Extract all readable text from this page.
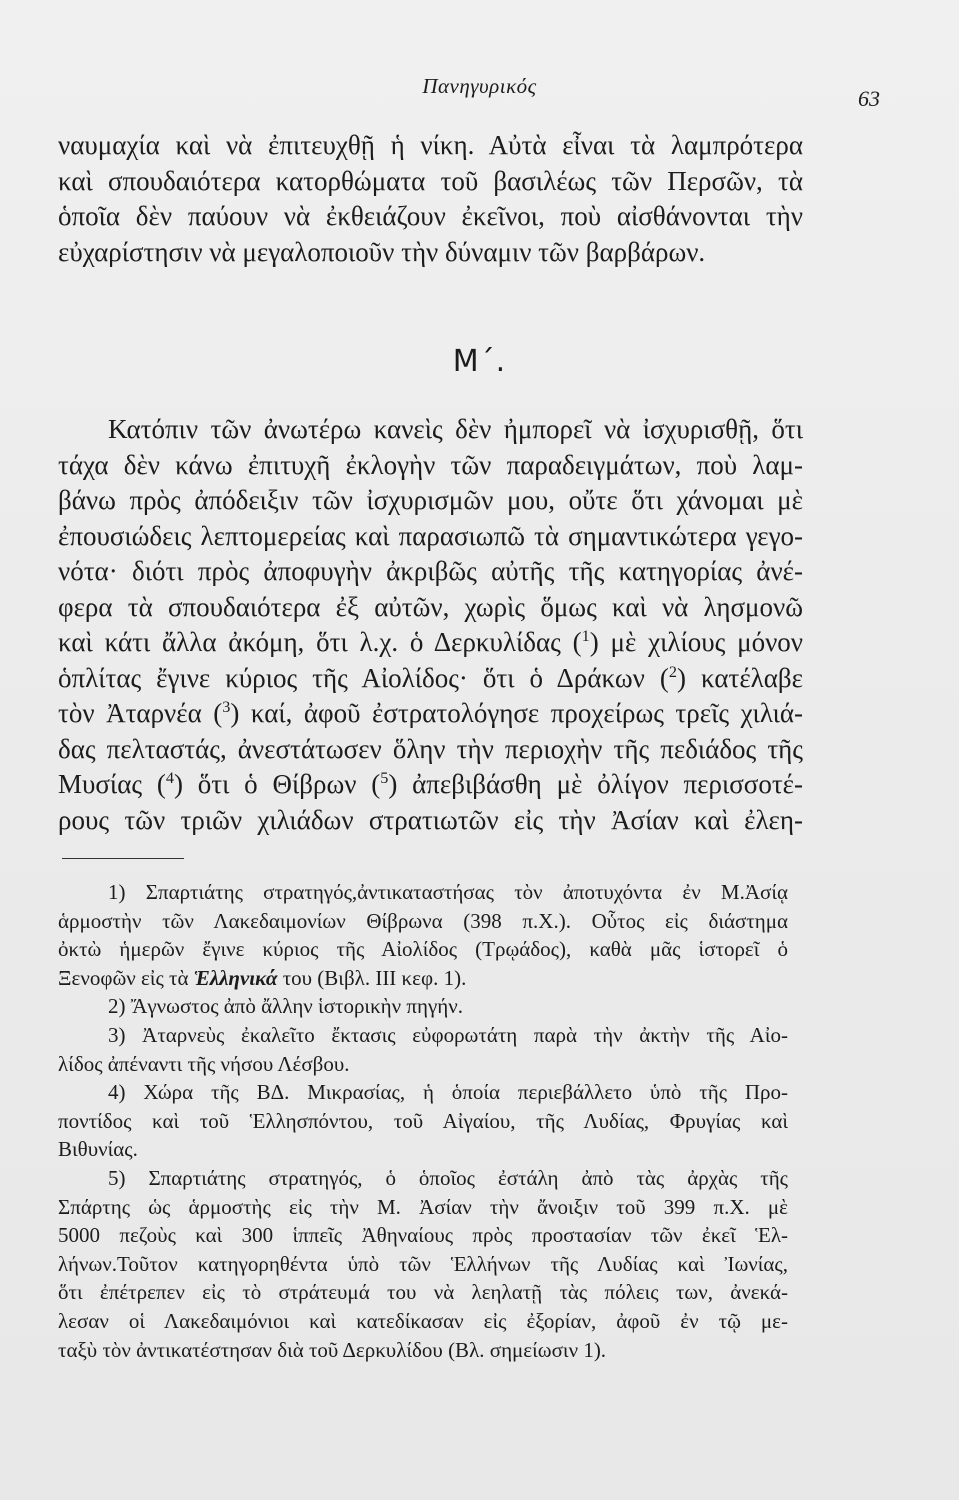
Πανηγυρικός	63
ναυμαχία καὶ νὰ ἐπιτευχθῇ ἡ νίκη. Αὐτὰ εἶναι τὰ λαμπρότερα
καὶ σπουδαιότερα κατορθώματα τοῦ βασιλέως τῶν Περσῶν, τὰ
ὁποῖα δὲν παύουν νὰ ἐκθειάζουν ἐκεῖνοι, ποὺ αἰσθάνονται τὴν
εὐχαρίστησιν νὰ μεγαλοποιοῦν τὴν δύναμιν τῶν βαρβάρων.
Μ΄.
Κατόπιν τῶν ἀνωτέρω κανεὶς δὲν ἠμπορεῖ νὰ ἰσχυρισθῇ, ὅτι
τάχα δὲν κάνω ἐπιτυχῆ ἐκλογὴν τῶν παραδειγμάτων, ποὺ λαμ-
βάνω πρὸς ἀπόδειξιν τῶν ἰσχυρισμῶν μου, οὔτε ὅτι χάνομαι μὲ
ἐπουσιώδεις λεπτομερείας καὶ παρασιωπῶ τὰ σημαντικώτερα γεγο-
νότα· διότι πρὸς ἀποφυγὴν ἀκριβῶς αὐτῆς τῆς κατηγορίας ἀνέ-
φερα τὰ σπουδαιότερα ἐξ αὐτῶν, χωρὶς ὅμως καὶ νὰ λησμονῶ
καὶ κάτι ἄλλα ἀκόμη, ὅτι λ.χ. ὁ Δερκυλίδας ($^1$) μὲ χιλίους μόνον
ὁπλίτας ἔγινε κύριος τῆς Αἰολίδος· ὅτι ὁ Δράκων ($^2$) κατέλαβε
τὸν Ἀταρνέα ($^3$) καί, ἀφοῦ ἐστρατολόγησε προχείρως τρεῖς χιλιά-
δας πελταστάς, ἀνεστάτωσεν ὅλην τὴν περιοχὴν τῆς πεδιάδος τῆς
Μυσίας ($^4$) ὅτι ὁ Θίβρων ($^5$) ἀπεβιβάσθη μὲ ὀλίγον περισσοτέ-
ρους τῶν τριῶν χιλιάδων στρατιωτῶν εἰς τὴν Ἀσίαν καὶ ἐλεη-
1) Σπαρτιάτης στρατηγός,ἀντικαταστήσας τὸν ἀποτυχόντα ἐν Μ.Ἀσίᾳ
ἁρμοστὴν τῶν Λακεδαιμονίων Θίβρωνα (398 π.Χ.). Οὗτος εἰς διάστημα
ὀκτὼ ἡμερῶν ἔγινε κύριος τῆς Αἰολίδος (Τρῳάδος), καθὰ μᾶς ἱστορεῖ ὁ
Ξενοφῶν εἰς τὰ Ἑλληνικά του (Βιβλ. ΙΙΙ κεφ. 1).
2) Ἄγνωστος ἀπὸ ἄλλην ἱστορικὴν πηγήν.
3) Ἀταρνεὺς ἐκαλεῖτο ἔκτασις εὐφορωτάτη παρὰ τὴν ἀκτὴν τῆς Αἰο-
λίδος ἀπέναντι τῆς νήσου Λέσβου.
4) Χώρα τῆς ΒΔ. Μικρασίας, ἡ ὁποία περιεβάλλετο ὑπὸ τῆς Προ-
ποντίδος καὶ τοῦ Ἑλλησπόντου, τοῦ Αἰγαίου, τῆς Λυδίας, Φρυγίας καὶ
Βιθυνίας.
5) Σπαρτιάτης στρατηγός, ὁ ὁποῖος ἐστάλη ἀπὸ τὰς ἀρχὰς τῆς
Σπάρτης ὡς ἁρμοστὴς εἰς τὴν Μ. Ἀσίαν τὴν ἄνοιξιν τοῦ 399 π.Χ. μὲ
5000 πεζοὺς καὶ 300 ἱππεῖς Ἀθηναίους πρὸς προστασίαν τῶν ἐκεῖ Ἑλ-
λήνων.Τοῦτον κατηγορηθέντα ὑπὸ τῶν Ἑλλήνων τῆς Λυδίας καὶ Ἰωνίας,
ὅτι ἐπέτρεπεν εἰς τὸ στράτευμά του νὰ λεηλατῇ τὰς πόλεις των, ἀνεκά-
λεσαν οἱ Λακεδαιμόνιοι καὶ κατεδίκασαν εἰς ἐξορίαν, ἀφοῦ ἐν τῷ με-
ταξὺ τὸν ἀντικατέστησαν διὰ τοῦ Δερκυλίδου (Βλ. σημείωσιν 1).
